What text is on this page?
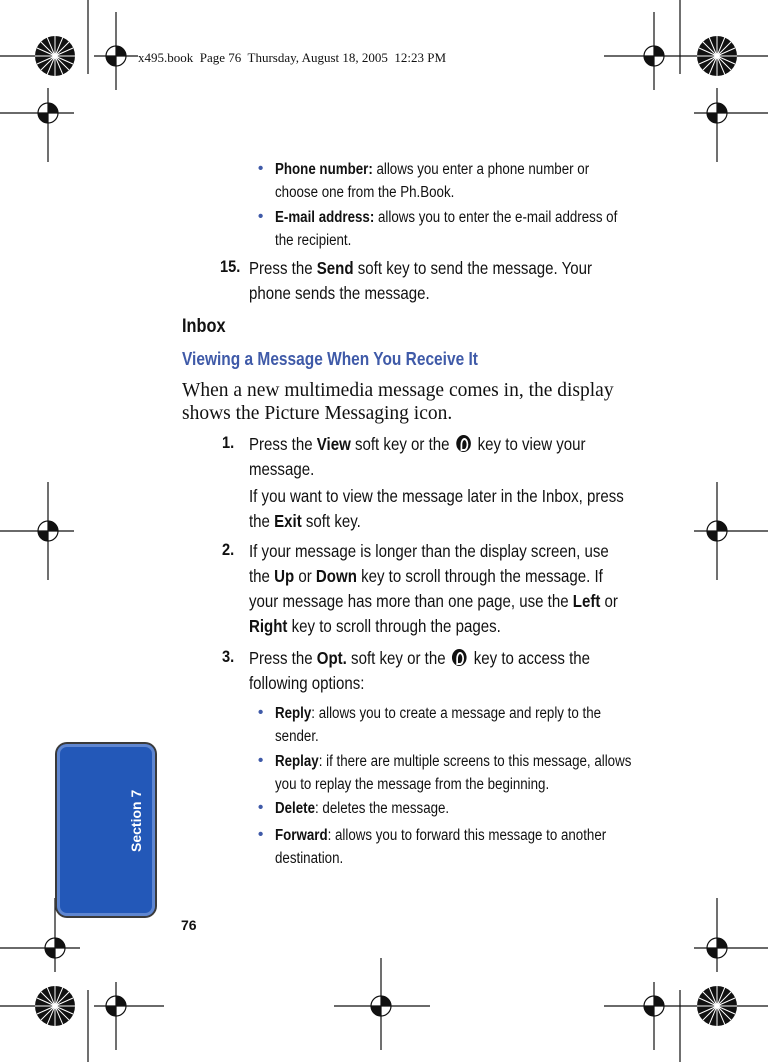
x495.book  Page 76  Thursday, August 18, 2005  12:23 PM
• Phone number: allows you enter a phone number or
choose one from the Ph.Book.
• E-mail address: allows you to enter the e-mail address of
the recipient.
15. Press the Send soft key to send the message. Your
phone sends the message.
Inbox
Viewing a Message When You Receive It
When a new multimedia message comes in, the display
shows the Picture Messaging icon.
1. Press the View soft key or the  key to view your
message.
If you want to view the message later in the Inbox, press
the Exit soft key.
2. If your message is longer than the display screen, use
the Up or Down key to scroll through the message. If
your message has more than one page, use the Left or
Right key to scroll through the pages.
3. Press the Opt. soft key or the  key to access the
following options:
• Reply: allows you to create a message and reply to the
sender.
• Replay: if there are multiple screens to this message, allows
you to replay the message from the beginning.
• Delete: deletes the message.
• Forward: allows you to forward this message to another
destination.
Section 7
76
